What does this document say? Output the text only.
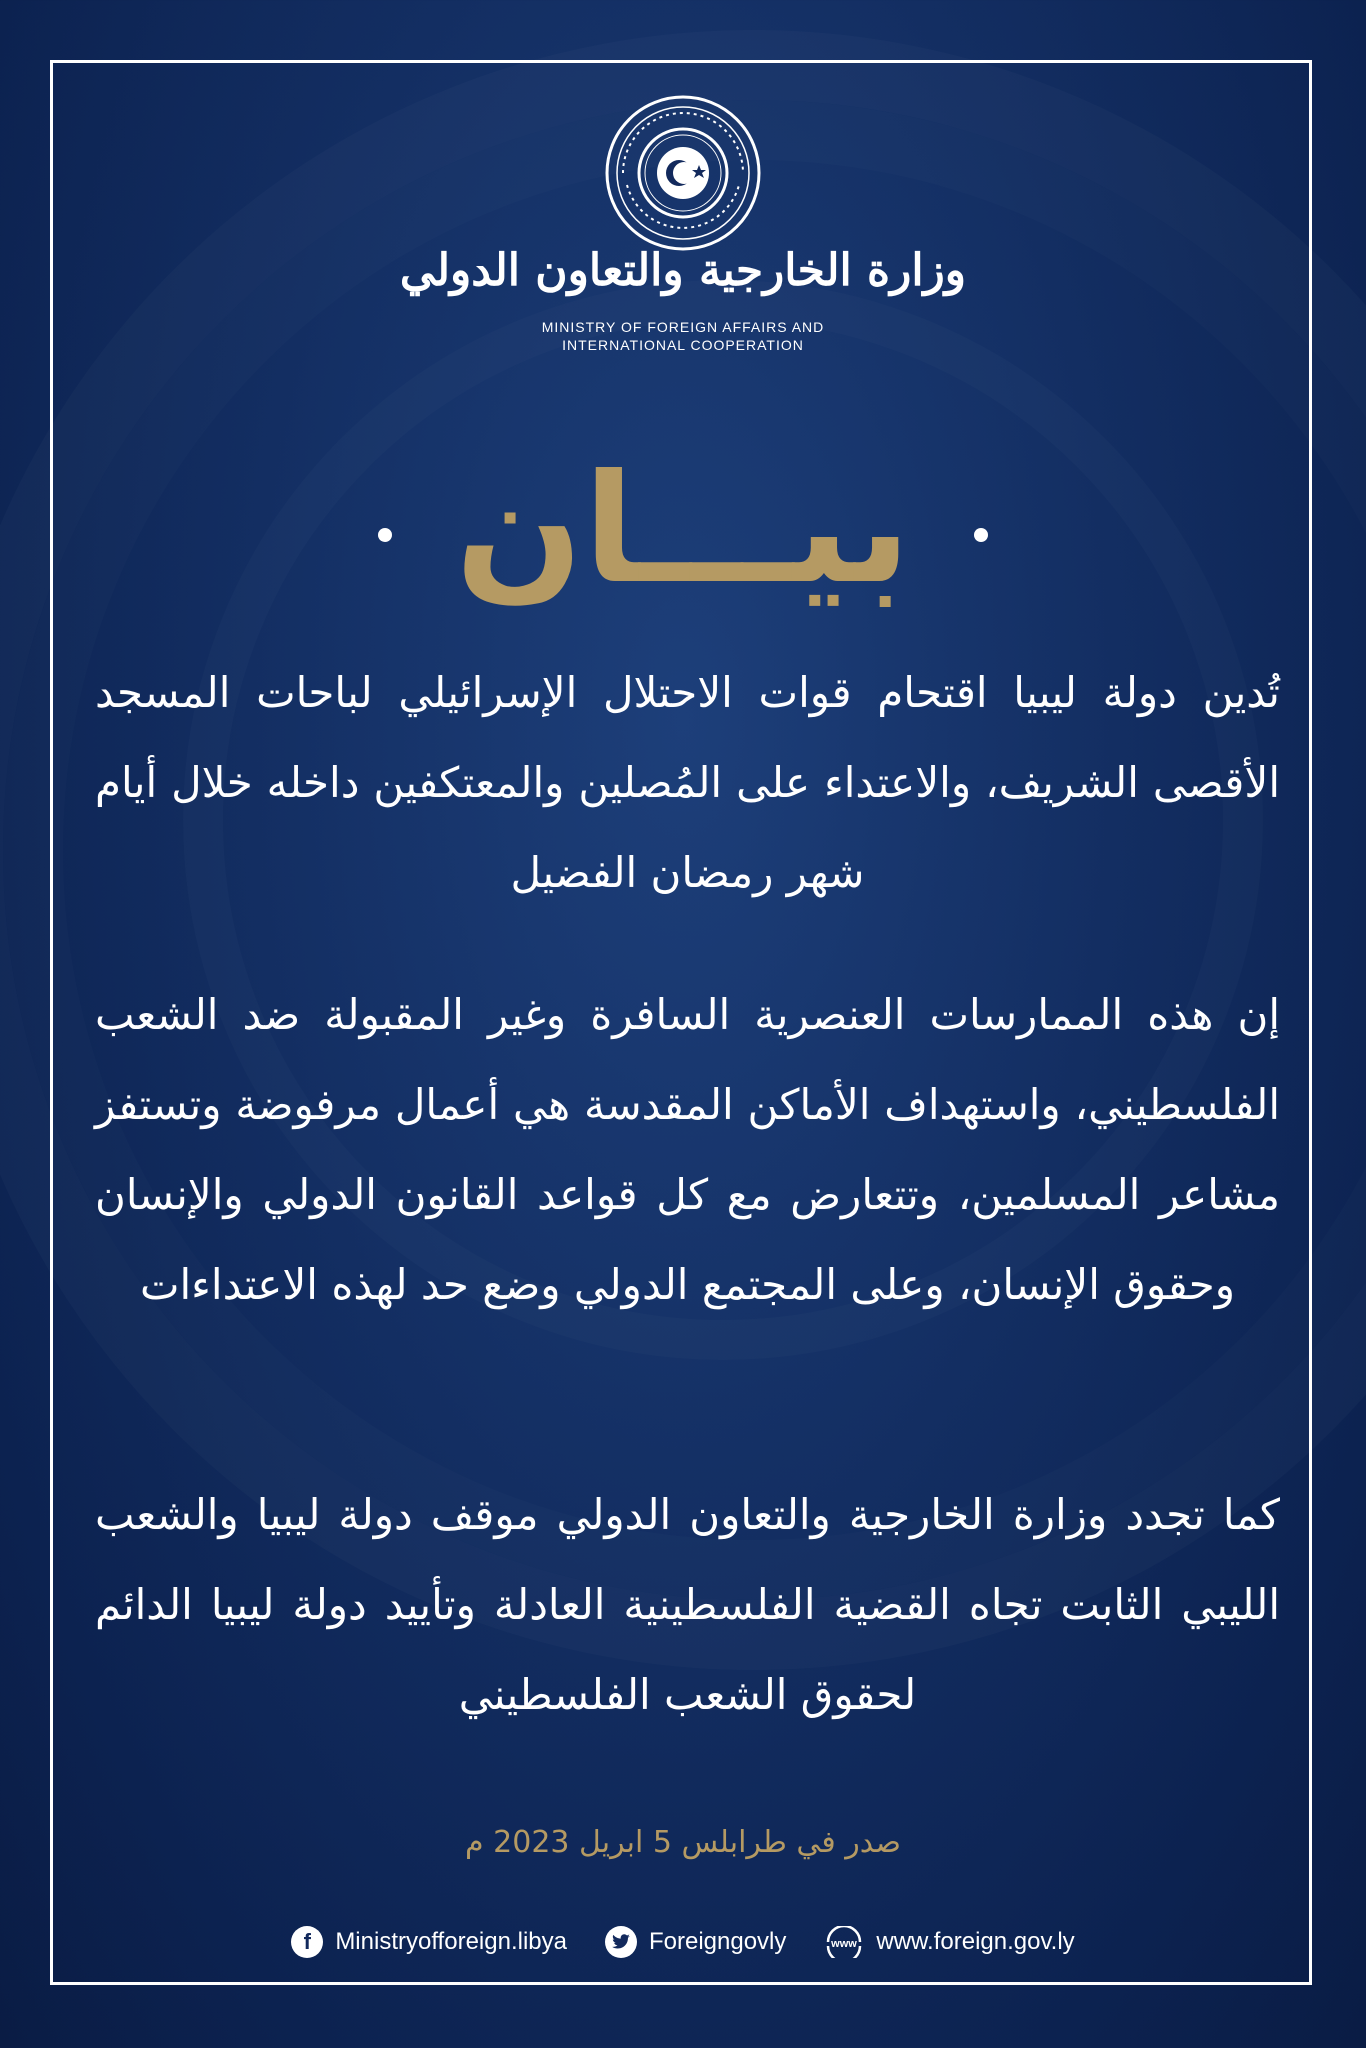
وزارة الخارجية والتعاون الدولي
MINISTRY OF FOREIGN AFFAIRS AND
INTERNATIONAL COOPERATION
بيـــان
تُدين دولة ليبيا اقتحام قوات الاحتلال الإسرائيلي لباحات المسجد الأقصى الشريف، والاعتداء على المُصلين والمعتكفين داخله خلال أيام شهر رمضان الفضيل
إن هذه الممارسات العنصرية السافرة وغير المقبولة ضد الشعب الفلسطيني، واستهداف الأماكن المقدسة هي أعمال مرفوضة وتستفز مشاعر المسلمين، وتتعارض مع كل قواعد القانون الدولي والإنسان وحقوق الإنسان، وعلى المجتمع الدولي وضع حد لهذه الاعتداءات
كما تجدد وزارة الخارجية والتعاون الدولي موقف دولة ليبيا والشعب الليبي الثابت تجاه القضية الفلسطينية العادلة وتأييد دولة ليبيا الدائم لحقوق الشعب الفلسطيني
صدر في طرابلس 5 ابريل 2023 م
f	Ministryofforeign.libya	Foreigngovly	www www.foreign.gov.ly
